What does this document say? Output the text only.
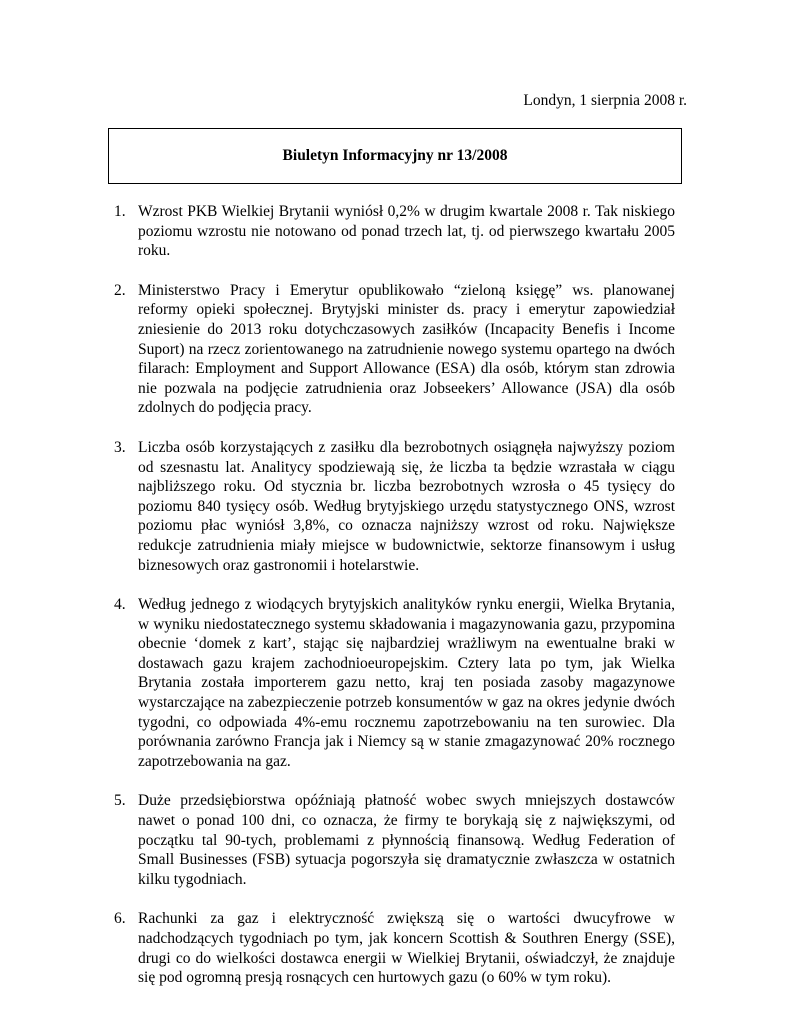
Londyn, 1 sierpnia 2008 r.
Biuletyn Informacyjny nr 13/2008
1. Wzrost PKB Wielkiej Brytanii wyniósł 0,2% w drugim kwartale 2008 r. Tak niskiego poziomu wzrostu nie notowano od ponad trzech lat, tj. od pierwszego kwartału 2005 roku.
2. Ministerstwo Pracy i Emerytur opublikowało “zieloną księgę” ws. planowanej reformy opieki społecznej. Brytyjski minister ds. pracy i emerytur zapowiedział zniesienie do 2013 roku dotychczasowych zasiłków (Incapacity Benefis i Income Suport) na rzecz zorientowanego na zatrudnienie nowego systemu opartego na dwóch filarach: Employment and Support Allowance (ESA) dla osób, którym stan zdrowia nie pozwala na podjęcie zatrudnienia oraz Jobseekers’ Allowance (JSA) dla osób zdolnych do podjęcia pracy.
3. Liczba osób korzystających z zasiłku dla bezrobotnych osiągnęła najwyższy poziom od szesnastu lat. Analitycy spodziewają się, że liczba ta będzie wzrastała w ciągu najbliższego roku. Od stycznia br. liczba bezrobotnych wzrosła o 45 tysięcy do poziomu 840 tysięcy osób. Według brytyjskiego urzędu statystycznego ONS, wzrost poziomu płac wyniósł 3,8%, co oznacza najniższy wzrost od roku. Największe redukcje zatrudnienia miały miejsce w budownictwie, sektorze finansowym i usług biznesowych oraz gastronomii i hotelarstwie.
4. Według jednego z wiodących brytyjskich analityków rynku energii, Wielka Brytania, w wyniku niedostatecznego systemu składowania i magazynowania gazu, przypomina obecnie ‘domek z kart’, stając się najbardziej wrażliwym na ewentualne braki w dostawach gazu krajem zachodnioeuropejskim. Cztery lata po tym, jak Wielka Brytania została importerem gazu netto, kraj ten posiada zasoby magazynowe wystarczające na zabezpieczenie potrzeb konsumentów w gaz na okres jedynie dwóch tygodni, co odpowiada 4%-emu rocznemu zapotrzebowaniu na ten surowiec. Dla porównania zarówno Francja jak i Niemcy są w stanie zmagazynować 20% rocznego zapotrzebowania na gaz.
5. Duże przedsiębiorstwa opóźniają płatność wobec swych mniejszych dostawców nawet o ponad 100 dni, co oznacza, że firmy te borykają się z największymi, od początku tal 90-tych, problemami z płynnością finansową. Według Federation of Small Businesses (FSB) sytuacja pogorszyła się dramatycznie zwłaszcza w ostatnich kilku tygodniach.
6. Rachunki za gaz i elektryczność zwiększą się o wartości dwucyfrowe w nadchodzących tygodniach po tym, jak koncern Scottish & Southren Energy (SSE), drugi co do wielkości dostawca energii w Wielkiej Brytanii, oświadczył, że znajduje się pod ogromną presją rosnących cen hurtowych gazu (o 60% w tym roku).
